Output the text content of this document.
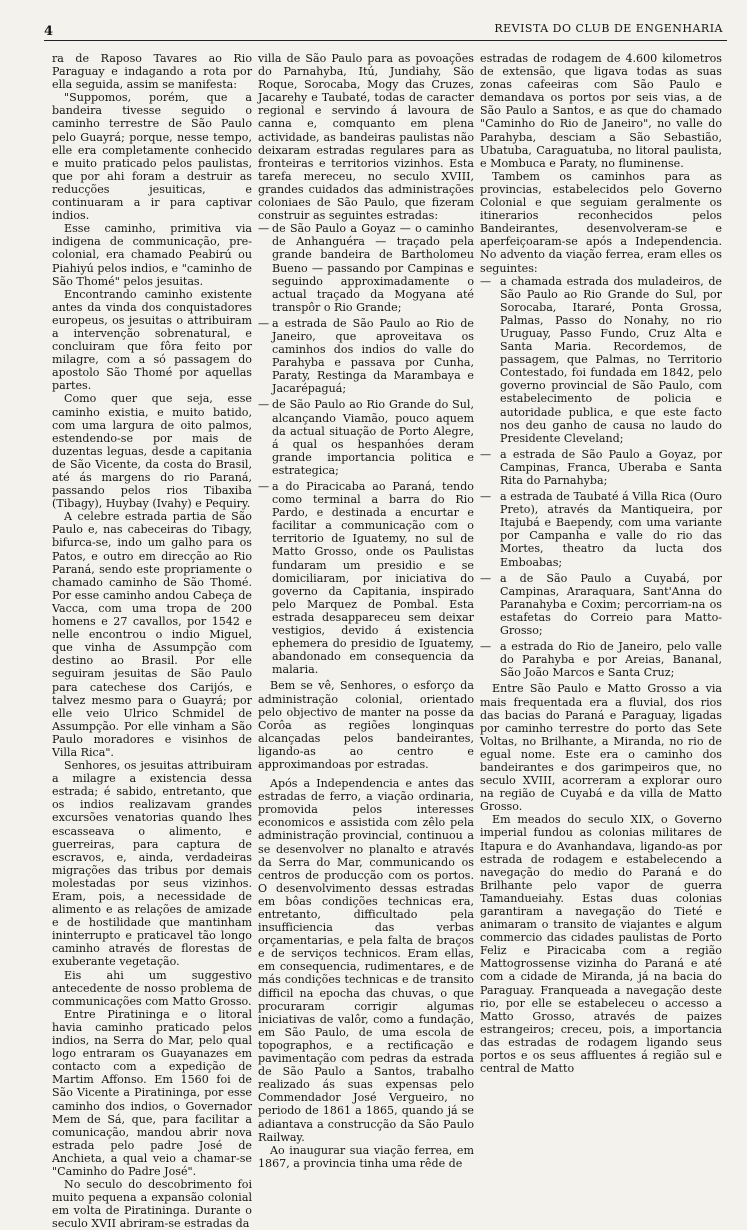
4	REVISTA DO CLUB DE ENGENHARIA

ra de Raposo Tavares ao Rio Paraguay e indagando a rota por ella seguida, assim se manifesta:

"Suppomos, porém, que a bandeira tivesse seguido o caminho terrestre de São Paulo pelo Guayrá; porque, nesse tempo, elle era completamente conhecido e muito praticado pelos paulistas, que por ahi foram a destruir as reducções jesuiticas, e continuaram a ir para captivar indios.

Esse caminho, primitiva via indigena de communicação, pre-colonial, era chamado Peabirú ou Piahiyú pelos indios, e "caminho de São Thomé" pelos jesuitas.

Encontrando caminho existente antes da vinda dos conquistadores europeus, os jesuitas o attribuiram a intervenção sobrenatural, e concluiram que fôra feito por milagre, com a só passagem do apostolo São Thomé por aquellas partes.

Como quer que seja, esse caminho existia, e muito batido, com uma largura de oito palmos, estendendo-se por mais de duzentas leguas, desde a capitania de São Vicente, da costa do Brasil, até ás margens do rio Paraná, passando pelos rios Tibaxiba (Tibagy), Huybay (Ivahy) e Pequiry.

A celebre estrada partia de São Paulo e, nas cabeceiras do Tibagy, bifurca-se, indo um galho para os Patos, e outro em direcção ao Rio Paraná, sendo este propriamente o chamado caminho de São Thomé. Por esse caminho andou Cabeça de Vacca, com uma tropa de 200 homens e 27 cavallos, por 1542 e nelle encontrou o indio Miguel, que vinha de Assumpção com destino ao Brasil. Por elle seguiram jesuitas de São Paulo para catechese dos Carijós, e talvez mesmo para o Guayrá; por elle veio Ulrico Schmidel de Assumpção. Por elle vinham a São Paulo moradores e visinhos de Villa Rica".

Senhores, os jesuitas attribuiram a milagre a existencia dessa estrada; é sabido, entretanto, que os indios realizavam grandes excursões venatorias quando lhes escasseava o alimento, e guerreiras, para captura de escravos, e, ainda, verdadeiras migrações das tribus por demais molestadas por seus vizinhos. Eram, pois, a necessidade de alimento e as relações de amizade e de hostilidade que mantinham ininterrupto e praticavel tão longo caminho através de florestas de exuberante vegetação.

Eis ahi um suggestivo antecedente de nosso problema de communicações com Matto Grosso.

Entre Piratininga e o litoral havia caminho praticado pelos indios, na Serra do Mar, pelo qual logo entraram os Guayanazes em contacto com a expedição de Martim Affonso. Em 1560 foi de São Vicente a Piratininga, por esse caminho dos indios, o Governador Mem de Sá, que, para facilitar a comunicação, mandou abrir nova estrada pelo padre José de Anchieta, a qual veio a chamar-se "Caminho do Padre José".

No seculo do descobrimento foi muito pequena a expansão colonial em volta de Piratininga. Durante o seculo XVII abriram-se estradas da

villa de São Paulo para as povoações do Parnahyba, Itú, Jundiahy, São Roque, Sorocaba, Mogy das Cruzes, Jacarehy e Taubaté, todas de caracter regional e servindo á lavoura de canna e, comquanto em plena actividade, as bandeiras paulistas não deixaram estradas regulares para as fronteiras e territorios vizinhos. Esta tarefa mereceu, no seculo XVIII, grandes cuidados das administrações coloniaes de São Paulo, que fizeram construir as seguintes estradas:

— de São Paulo a Goyaz — o caminho de Anhanguéra — traçado pela grande bandeira de Bartholomeu Bueno — passando por Campinas e seguindo approximadamente o actual traçado da Mogyana até transpôr o Rio Grande;
— a estrada de São Paulo ao Rio de Janeiro, que aproveitava os caminhos dos indios do valle do Parahyba e passava por Cunha, Paraty, Restinga da Marambaya e Jacarépaguá;
— de São Paulo ao Rio Grande do Sul, alcançando Viamão, pouco aquem da actual situação de Porto Alegre, á qual os hespanhóes deram grande importancia politica e estrategica;
— a do Piracicaba ao Paraná, tendo como terminal a barra do Rio Pardo, e destinada a encurtar e facilitar a communicação com o territorio de Iguatemy, no sul de Matto Grosso, onde os Paulistas fundaram um presidio e se domiciliaram, por iniciativa do governo da Capitania, inspirado pelo Marquez de Pombal. Esta estrada desappareceu sem deixar vestigios, devido á existencia ephemera do presidio de Iguatemy, abandonado em consequencia da malaria.

Bem se vê, Senhores, o esforço da administração colonial, orientado pelo objectivo de manter na posse da Corôa as regiões longinquas alcançadas pelos bandeirantes, ligando-as ao centro e approximandoas por estradas.

Após a Independencia e antes das estradas de ferro, a viação ordinaria, promovida pelos interesses economicos e assistida com zêlo pela administração provincial, continuou a se desenvolver no planalto e através da Serra do Mar, communicando os centros de producção com os portos. O desenvolvimento dessas estradas em bôas condições technicas era, entretanto, difficultado pela insufficiencia das verbas orçamentarias, e pela falta de braços e de serviços technicos. Eram ellas, em consequencia, rudimentares, e de más condições technicas e de transito difficil na epocha das chuvas, o que procuraram corrigir algumas iniciativas de valôr, como a fundação, em São Paulo, de uma escola de topographos, e a rectificação e pavimentação com pedras da estrada de São Paulo a Santos, trabalho realizado ás suas expensas pelo Commendador José Vergueiro, no periodo de 1861 a 1865, quando já se adiantava a construcção da São Paulo Railway.

Ao inaugurar sua viação ferrea, em 1867, a provincia tinha uma rêde de

estradas de rodagem de 4.600 kilometros de extensão, que ligava todas as suas zonas cafeeiras com São Paulo e demandava os portos por seis vias, a de São Paulo a Santos, e as que do chamado "Caminho do Rio de Janeiro", no valle do Parahyba, desciam a São Sebastião, Ubatuba, Caraguatuba, no litoral paulista, e Mombuca e Paraty, no fluminense.

Tambem os caminhos para as provincias, estabelecidos pelo Governo Colonial e que seguiam geralmente os itinerarios reconhecidos pelos Bandeirantes, desenvolveram-se e aperfeiçoaram-se após a Independencia. No advento da viação ferrea, eram elles os seguintes:

— a chamada estrada dos muladeiros, de São Paulo ao Rio Grande do Sul, por Sorocaba, Itararé, Ponta Grossa, Palmas, Passo do Nonahy, no rio Uruguay, Passo Fundo, Cruz Alta e Santa Maria. Recordemos, de passagem, que Palmas, no Territorio Contestado, foi fundada em 1842, pelo governo provincial de São Paulo, com estabelecimento de policia e autoridade publica, e que este facto nos deu ganho de causa no laudo do Presidente Cleveland;
— a estrada de São Paulo a Goyaz, por Campinas, Franca, Uberaba e Santa Rita do Parnahyba;
— a estrada de Taubaté á Villa Rica (Ouro Preto), através da Mantiqueira, por Itajubá e Baependy, com uma variante por Campanha e valle do rio das Mortes, theatro da lucta dos Emboabas;
— a de São Paulo a Cuyabá, por Campinas, Araraquara, Sant'Anna do Paranahyba e Coxim; percorriam-na os estafetas do Correio para Matto-Grosso;
— a estrada do Rio de Janeiro, pelo valle do Parahyba e por Areias, Bananal, São João Marcos e Santa Cruz;

Entre São Paulo e Matto Grosso a via mais frequentada era a fluvial, dos rios das bacias do Paraná e Paraguay, ligadas por caminho terrestre do porto das Sete Voltas, no Brilhante, a Miranda, no rio de egual nome. Este era o caminho dos bandeirantes e dos garimpeiros que, no seculo XVIII, acorreram a explorar ouro na região de Cuyabá e da villa de Matto Grosso.

Em meados do seculo XIX, o Governo imperial fundou as colonias militares de Itapura e do Avanhandava, ligando-as por estrada de rodagem e estabelecendo a navegação do medio do Paraná e do Brilhante pelo vapor de guerra Tamandueiahy. Estas duas colonias garantiram a navegação do Tieté e animaram o transito de viajantes e algum commercio das cidades paulistas de Porto Feliz e Piracicaba com a região Mattogrossense vizinha do Paraná e até com a cidade de Miranda, já na bacia do Paraguay. Franqueada a navegação deste rio, por elle se estabeleceu o accesso a Matto Grosso, através de paizes estrangeiros; creceu, pois, a importancia das estradas de rodagem ligando seus portos e os seus affluentes á região sul e central de Matto
